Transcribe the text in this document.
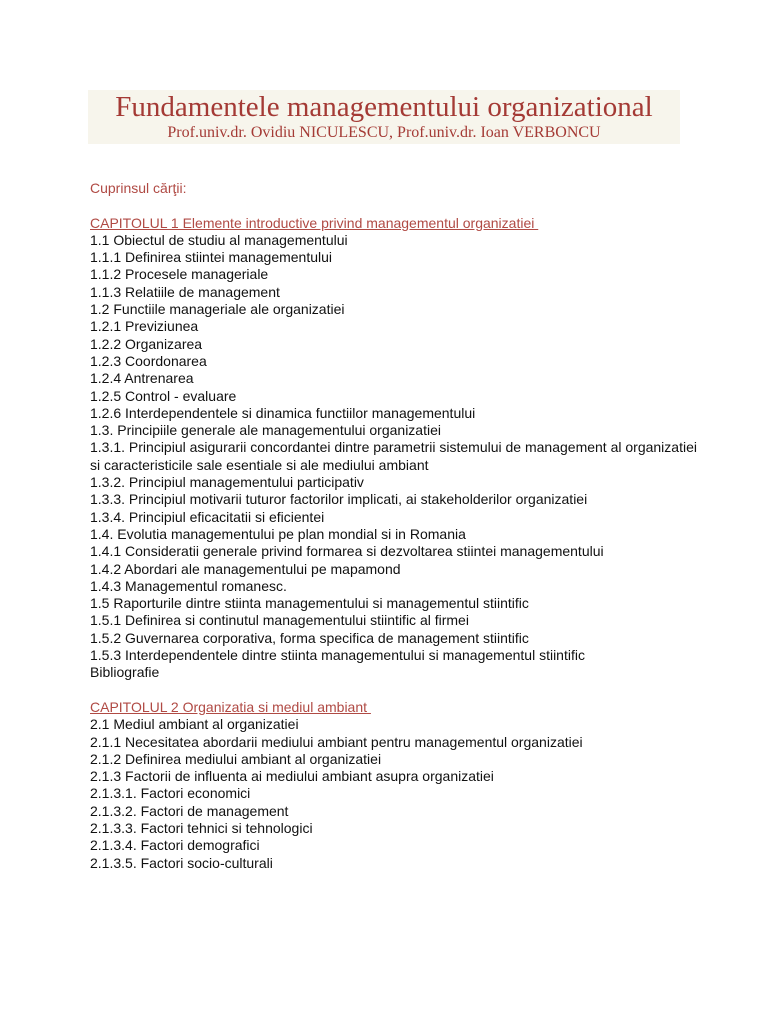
Fundamentele managementului organizational
Prof.univ.dr. Ovidiu NICULESCU, Prof.univ.dr. Ioan VERBONCU
Cuprinsul cărţii:
CAPITOLUL 1 Elemente introductive privind managementul organizatiei
1.1 Obiectul de studiu al managementului
1.1.1 Definirea stiintei managementului
1.1.2 Procesele manageriale
1.1.3 Relatiile de management
1.2 Functiile manageriale ale organizatiei
1.2.1 Previziunea
1.2.2 Organizarea
1.2.3 Coordonarea
1.2.4 Antrenarea
1.2.5 Control - evaluare
1.2.6 Interdependentele si dinamica functiilor managementului
1.3. Principiile generale ale managementului organizatiei
1.3.1. Principiul asigurarii concordantei dintre parametrii sistemului de management al organizatiei
si caracteristicile sale esentiale si ale mediului ambiant
1.3.2. Principiul managementului participativ
1.3.3. Principiul motivarii tuturor factorilor implicati, ai stakeholderilor organizatiei
1.3.4. Principiul eficacitatii si eficientei
1.4. Evolutia managementului pe plan mondial si in Romania
1.4.1 Consideratii generale privind formarea si dezvoltarea stiintei managementului
1.4.2 Abordari ale managementului pe mapamond
1.4.3 Managementul romanesc.
1.5 Raporturile dintre stiinta managementului si managementul stiintific
1.5.1 Definirea si continutul managementului stiintific al firmei
1.5.2 Guvernarea corporativa, forma specifica de management stiintific
1.5.3 Interdependentele dintre stiinta managementului si managementul stiintific
Bibliografie
CAPITOLUL 2 Organizatia si mediul ambiant
2.1 Mediul ambiant al organizatiei
2.1.1 Necesitatea abordarii mediului ambiant pentru managementul organizatiei
2.1.2 Definirea mediului ambiant al organizatiei
2.1.3 Factorii de influenta ai mediului ambiant asupra organizatiei
2.1.3.1. Factori economici
2.1.3.2. Factori de management
2.1.3.3. Factori tehnici si tehnologici
2.1.3.4. Factori demografici
2.1.3.5. Factori socio-culturali
